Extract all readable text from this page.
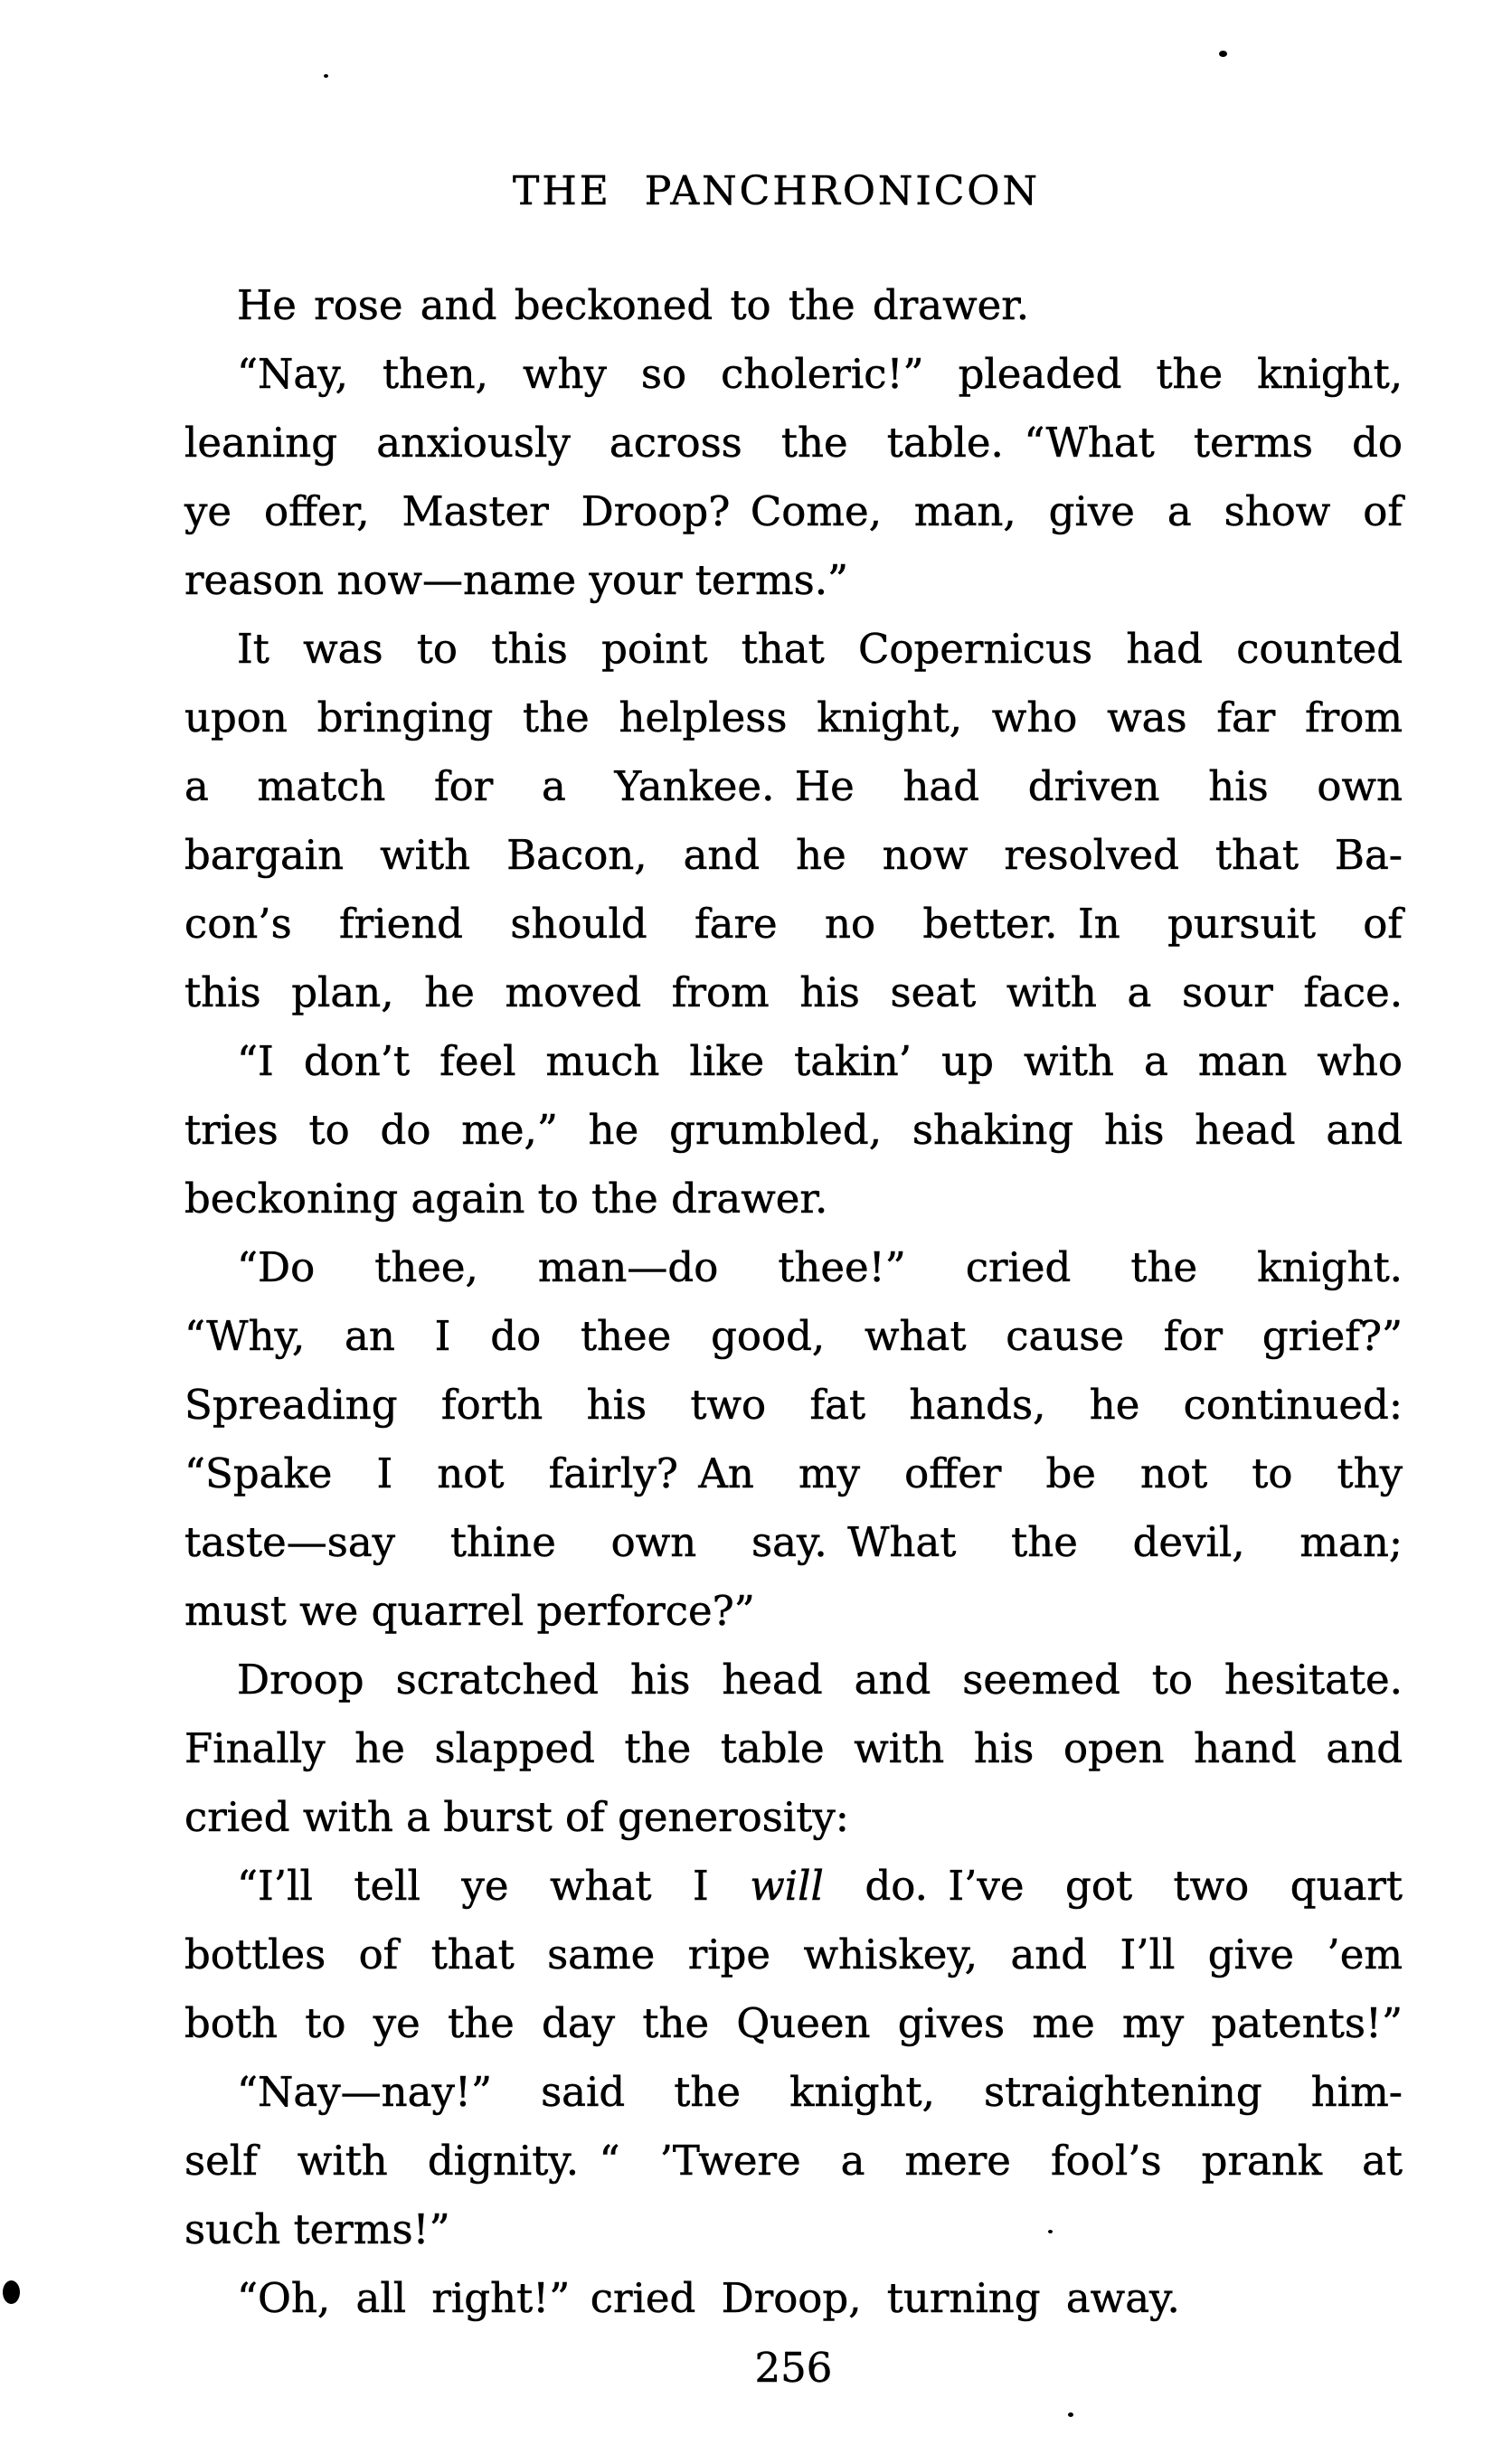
THE PANCHRONICON
He rose and beckoned to the drawer.
“Nay, then, why so choleric!” pleaded the knight,
leaning anxiously across the table. “What terms do
ye offer, Master Droop? Come, man, give a show of
reason now—name your terms.”
It was to this point that Copernicus had counted
upon bringing the helpless knight, who was far from
a match for a Yankee. He had driven his own
bargain with Bacon, and he now resolved that Ba-
con’s friend should fare no better. In pursuit of
this plan, he moved from his seat with a sour face.
“I don’t feel much like takin’ up with a man who
tries to do me,” he grumbled, shaking his head and
beckoning again to the drawer.
“Do thee, man—do thee!” cried the knight.
“Why, an I do thee good, what cause for grief?”
Spreading forth his two fat hands, he continued:
“Spake I not fairly? An my offer be not to thy
taste—say thine own say. What the devil, man;
must we quarrel perforce?”
Droop scratched his head and seemed to hesitate.
Finally he slapped the table with his open hand and
cried with a burst of generosity:
“I’ll tell ye what I will do. I’ve got two quart
bottles of that same ripe whiskey, and I’ll give ’em
both to ye the day the Queen gives me my patents!”
“Nay—nay!” said the knight, straightening him-
self with dignity. “ ’Twere a mere fool’s prank at
such terms!”
“Oh, all right!” cried Droop, turning away.
256
